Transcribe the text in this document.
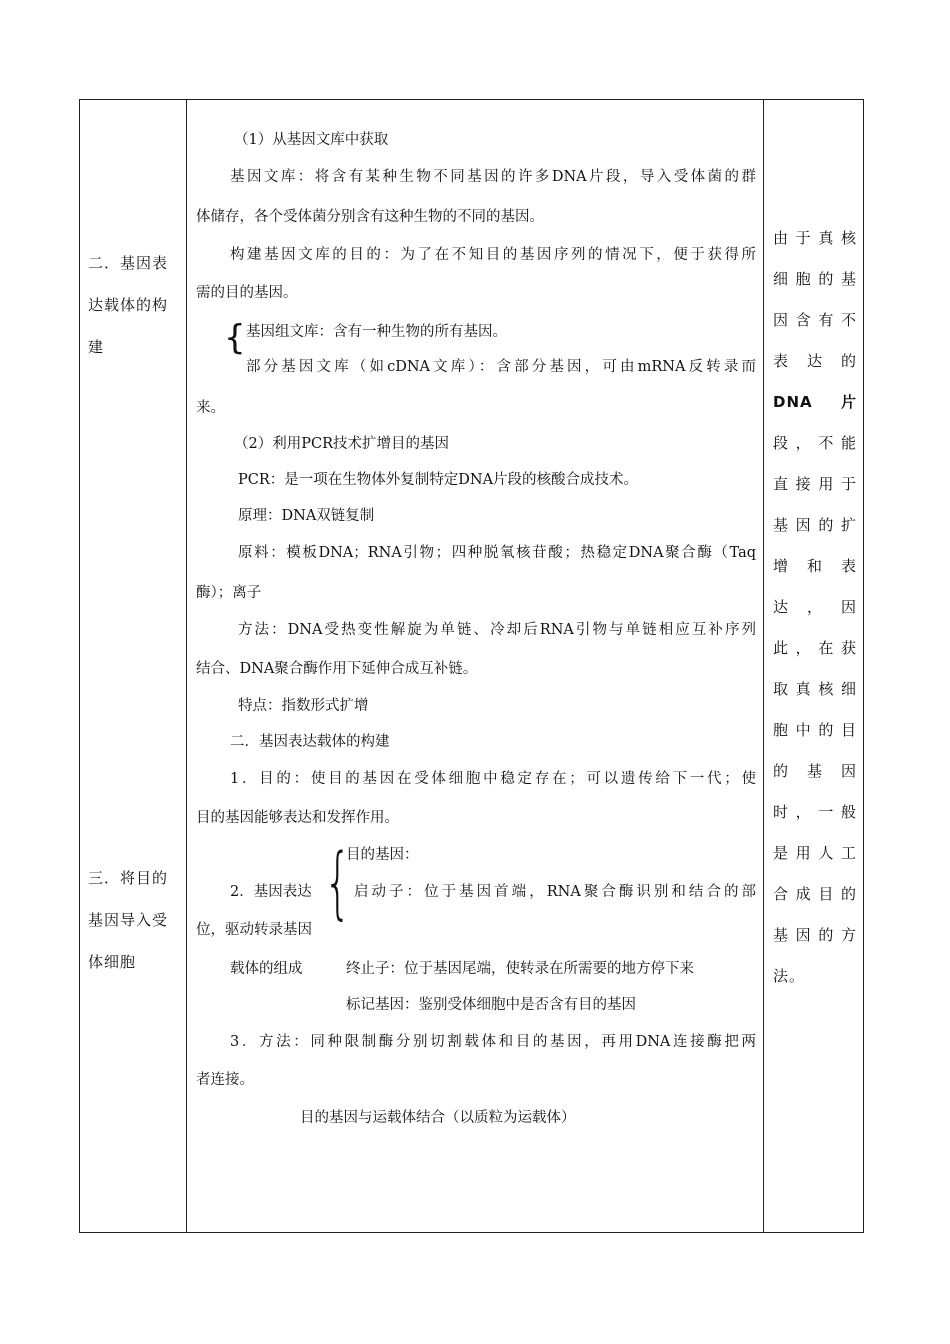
二．基因表
达载体的构
建
三．将目的
基因导入受
体细胞
由于真核
细胞的基
因含有不
表 达 的
DNA 片
段，不能
直接用于
基因的扩
增 和 表
达 ， 因
此，在获
取真核细
胞中的目
的 基 因
时，一般
是用人工
合成目的
基因的方
法。
（1）从基因文库中获取
基因文库：将含有某种生物不同基因的许多DNA片段，导入受体菌的群
体储存，各个受体菌分别含有这种生物的不同的基因。
构建基因文库的目的：为了在不知目的基因序列的情况下，便于获得所
需的目的基因。
{ 基因组文库：含有一种生物的所有基因。
部分基因文库（如cDNA文库）：含部分基因，可由mRNA反转录而
来。
（2）利用PCR技术扩增目的基因
PCR：是一项在生物体外复制特定DNA片段的核酸合成技术。
原理：DNA双链复制
原料：模板DNA；RNA引物；四种脱氧核苷酸；热稳定DNA聚合酶（Taq
酶）；离子
方法：DNA受热变性解旋为单链、冷却后RNA引物与单链相应互补序列
结合、DNA聚合酶作用下延伸合成互补链。
特点：指数形式扩增
二．基因表达载体的构建
1．目的：使目的基因在受体细胞中稳定存在；可以遗传给下一代；使
目的基因能够表达和发挥作用。
{
目的基因：
2．基因表达	启动子：位于基因首端，RNA聚合酶识别和结合的部
位，驱动转录基因
载体的组成	终止子：位于基因尾端，使转录在所需要的地方停下来
标记基因：鉴别受体细胞中是否含有目的基因
3．方法：同种限制酶分别切割载体和目的基因，再用DNA连接酶把两
者连接。
目的基因与运载体结合（以质粒为运载体）
